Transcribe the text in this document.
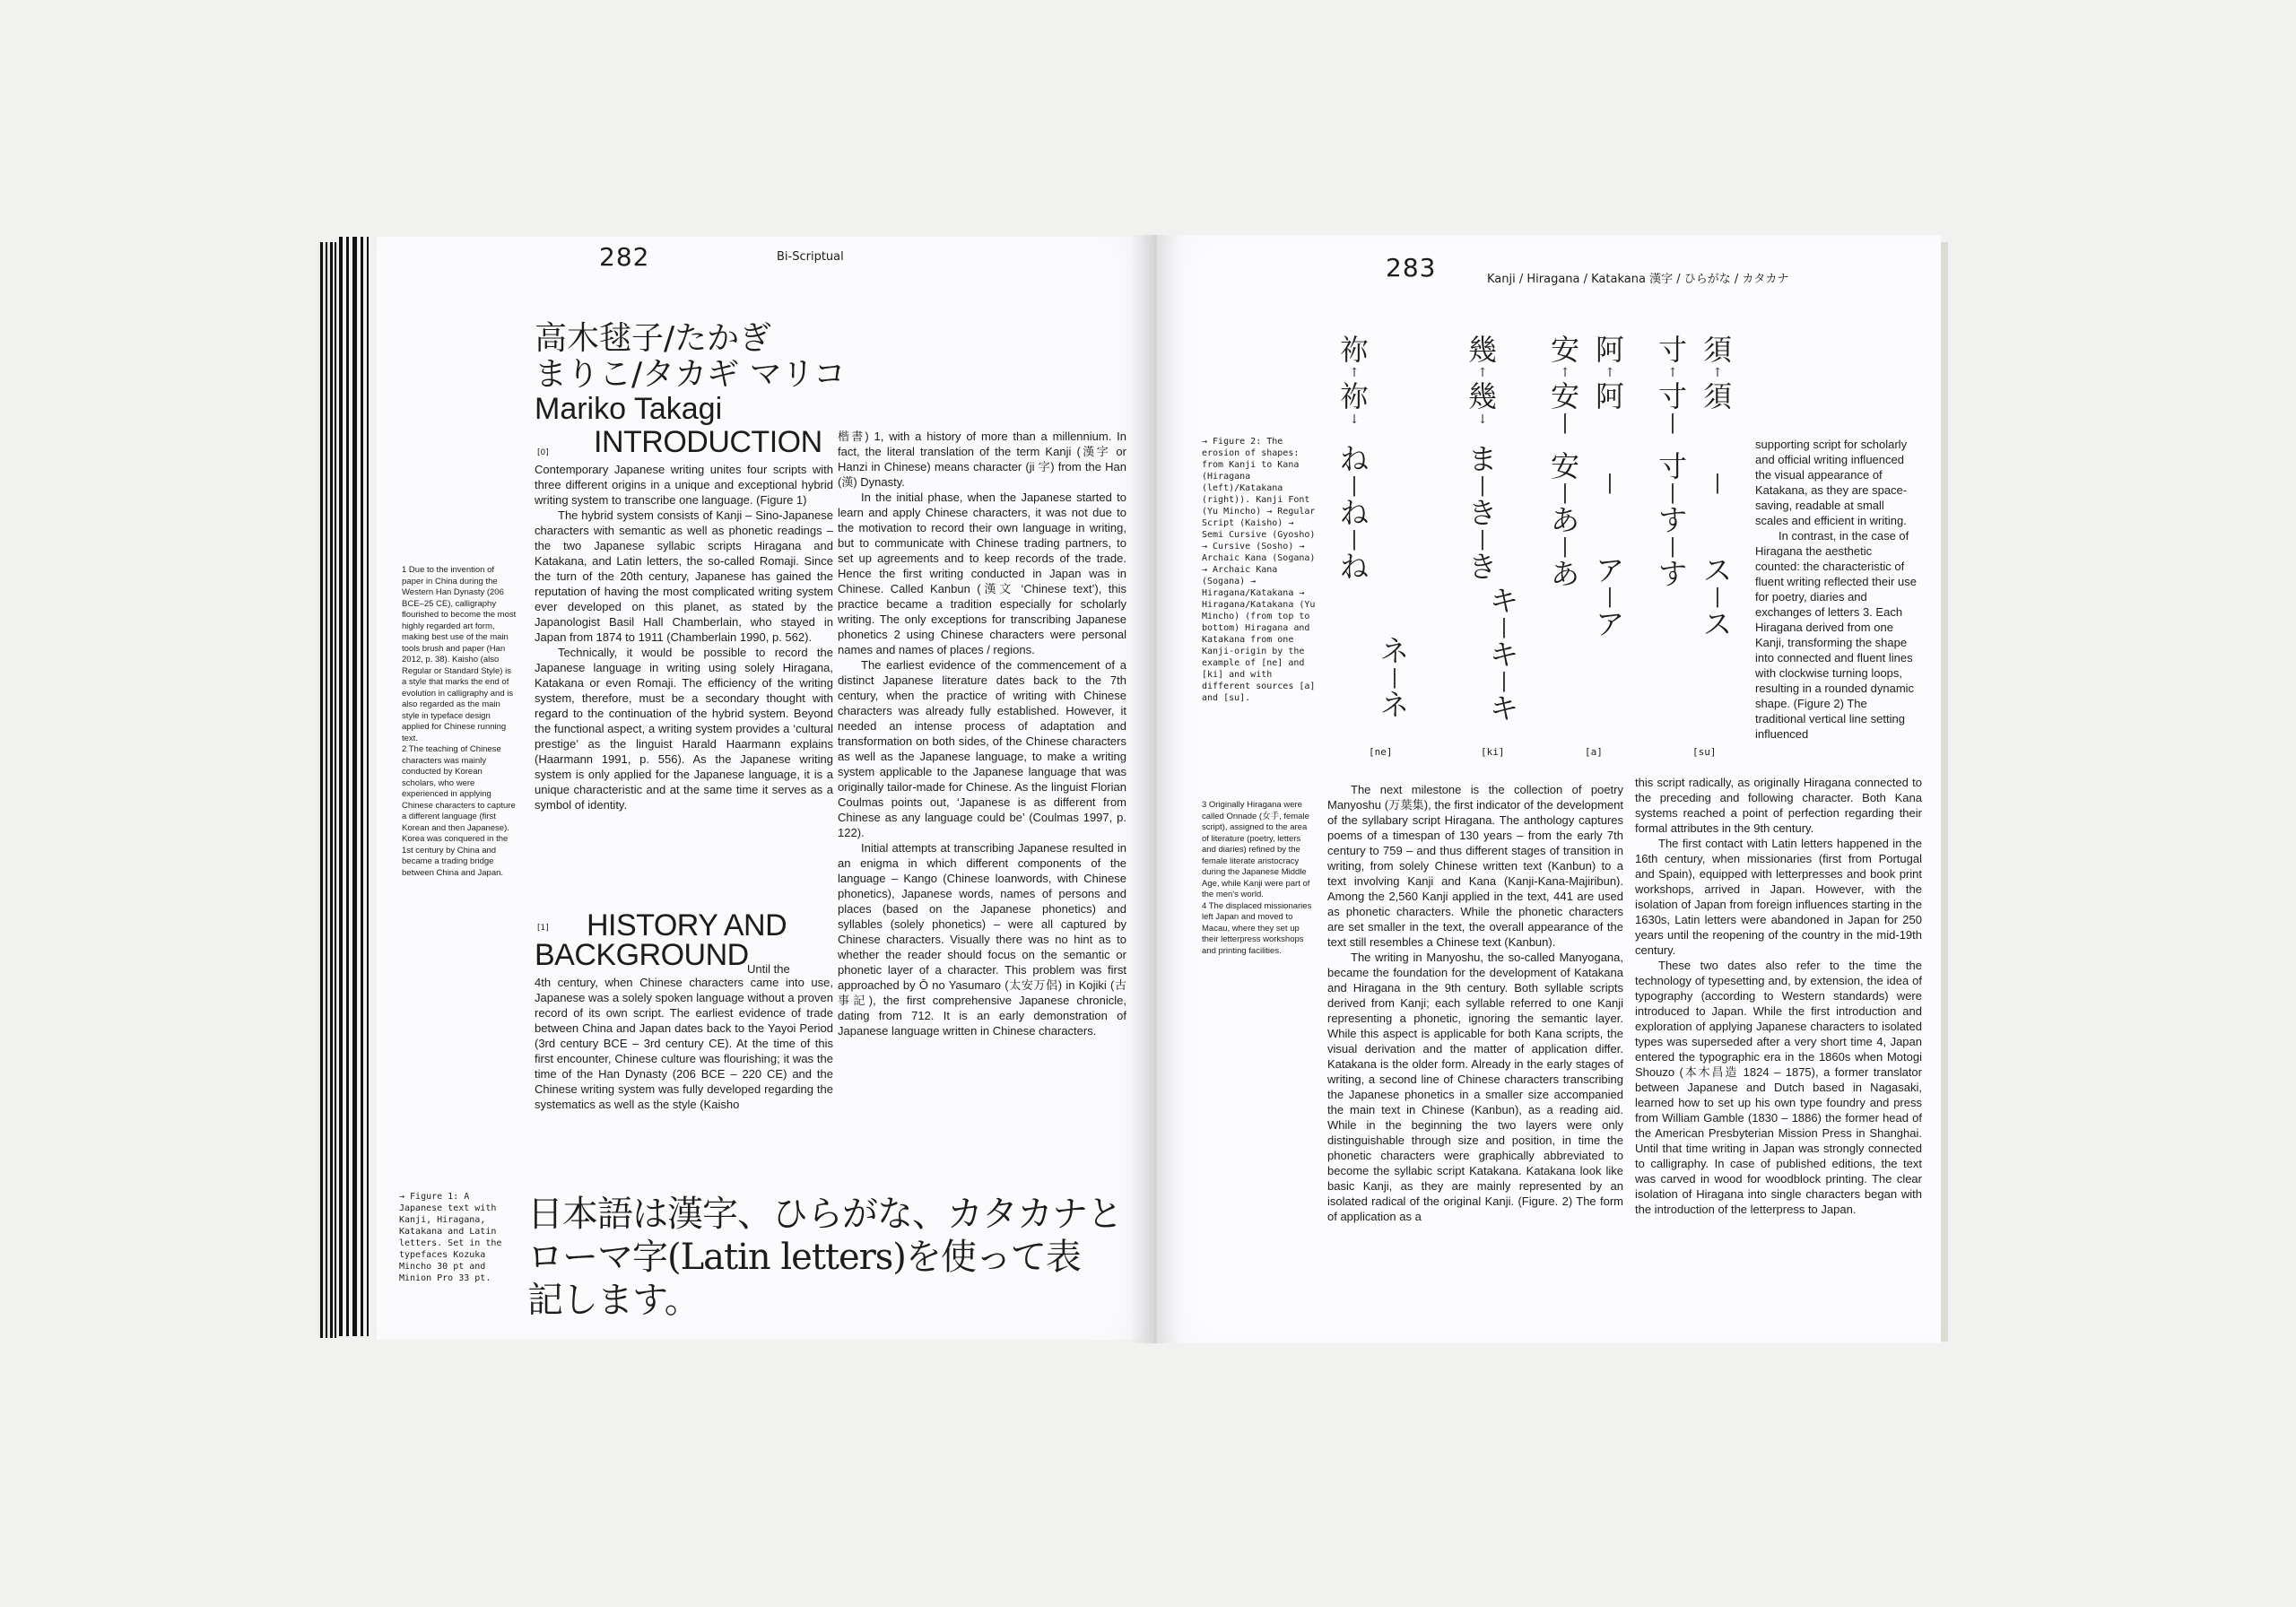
282	Bi-Scriptual
高木毬子/たかぎ
まりこ/タカギ マリコ
Mariko Takagi
INTRODUCTION
[0]

Contemporary Japanese writing unites four scripts with three different origins in a unique and exceptional hybrid writing system to transcribe one language. (Figure 1)

The hybrid system consists of Kanji – Sino-Japanese characters with semantic as well as phonetic readings – the two Japanese syllabic scripts Hiragana and Katakana, and Latin letters, the so-called Romaji. Since the turn of the 20th century, Japanese has gained the reputation of having the most complicated writing system ever developed on this planet, as stated by the Japanologist Basil Hall Chamberlain, who stayed in Japan from 1874 to 1911 (Chamberlain 1990, p. 562).

Technically, it would be possible to record the Japanese language in writing using solely Hiragana, Katakana or even Romaji. The efficiency of the writing system, therefore, must be a secondary thought with regard to the continuation of the hybrid system. Beyond the functional aspect, a writing system provides a ‘cultural prestige’ as the linguist Harald Haarmann explains (Haarmann 1991, p. 556). As the Japanese writing system is only applied for the Japanese language, it is a unique characteristic and at the same time it serves as a symbol of identity.

[1] HISTORY AND
BACKGROUND
Until the

4th century, when Chinese characters came into use, Japanese was a solely spoken language without a proven record of its own script. The earliest evidence of trade between China and Japan dates back to the Yayoi Period (3rd century BCE – 3rd century CE). At the time of this first encounter, Chinese culture was flourishing; it was the time of the Han Dynasty (206 BCE – 220 CE) and the Chinese writing system was fully developed regarding the systematics as well as the style (Kaisho

楷書) 1, with a history of more than a millennium. In fact, the literal translation of the term Kanji (漢字 or Hanzi in Chinese) means character (ji 字) from the Han (漢) Dynasty.

In the initial phase, when the Japanese started to learn and apply Chinese characters, it was not due to the motivation to record their own language in writing, but to communicate with Chinese trading partners, to set up agreements and to keep records of the trade. Hence the first writing conducted in Japan was in Chinese. Called Kanbun (漢文 ‘Chinese text’), this practice became a tradition especially for scholarly writing. The only exceptions for transcribing Japanese phonetics 2 using Chinese characters were personal names and names of places / regions.

The earliest evidence of the commencement of a distinct Japanese literature dates back to the 7th century, when the practice of writing with Chinese characters was already fully established. However, it needed an intense process of adaptation and transformation on both sides, of the Chinese characters as well as the Japanese language, to make a writing system applicable to the Japanese language that was originally tailor-made for Chinese. As the linguist Florian Coulmas points out, ‘Japanese is as different from Chinese as any language could be’ (Coulmas 1997, p. 122).

Initial attempts at transcribing Japanese resulted in an enigma in which different components of the language – Kango (Chinese loanwords, with Chinese phonetics), Japanese words, names of persons and places (based on the Japanese phonetics) and syllables (solely phonetics) – were all captured by Chinese characters. Visually there was no hint as to whether the reader should focus on the semantic or phonetic layer of a character. This problem was first approached by Ō no Yasumaro (太安万侶) in Kojiki (古事記), the first comprehensive Japanese chronicle, dating from 712. It is an early demonstration of Japanese language written in Chinese characters.

1 Due to the invention of paper in China during the Western Han Dynasty (206 BCE–25 CE), calligraphy flourished to become the most highly regarded art form, making best use of the main tools brush and paper (Han 2012, p. 38). Kaisho (also Regular or Standard Style) is a style that marks the end of evolution in calligraphy and is also regarded as the main style in typeface design applied for Chinese running text.
2 The teaching of Chinese characters was mainly conducted by Korean scholars, who were experienced in applying Chinese characters to capture a different language (first Korean and then Japanese). Korea was conquered in the 1st century by China and became a trading bridge between China and Japan.
→ Figure 1: A Japanese text with Kanji, Hiragana, Katakana and Latin letters. Set in the typefaces Kozuka Mincho 30 pt and Minion Pro 33 pt.
日本語は漢字、ひらがな、カタカナと
ローマ字(Latin letters)を使って表
記します。
283	Kanji / Hiragana / Katakana 漢字 / ひらがな / カタカナ
→ Figure 2: The erosion of shapes: from Kanji to Kana (Hiragana (left)/Katakana (right)). Kanji Font (Yu Mincho) → Regular Script (Kaisho) → Semi Cursive (Gyosho) → Cursive (Sosho) → Archaic Kana (Sogana) → Archaic Kana (Sogana) → Hiragana/Katakana → Hiragana/Katakana (Yu Mincho) (from top to bottom) Hiragana and Katakana from one Kanji-origin by the example of [ne] and [ki] and with different sources [a] and [su].
祢
↑
祢
↓
ね
|
ね
|
ね
ネ
|
ネ
[ne]
幾
↑
幾
↓
ま
|
き
|
き
キ
|
キ
|
キ
[ki]
安
↑
安
|
安
|
あ
|
あ
阿
↑
阿
|
ア
|
ア
[a]
寸
↑
寸
|
寸
|
す
|
す
須
↑
須
|
ス
|
ス
[su]

supporting script for scholarly and official writing influenced the visual appearance of Katakana, as they are space-saving, readable at small scales and efficient in writing.

In contrast, in the case of Hiragana the aesthetic counted: the characteristic of fluent writing reflected their use for poetry, diaries and exchanges of letters 3. Each Hiragana derived from one Kanji, transforming the shape into connected and fluent lines with clockwise turning loops, resulting in a rounded dynamic shape. (Figure 2) The traditional vertical line setting influenced

The next milestone is the collection of poetry Manyoshu (万葉集), the first indicator of the development of the syllabary script Hiragana. The anthology captures poems of a timespan of 130 years – from the early 7th century to 759 – and thus different stages of transition in writing, from solely Chinese written text (Kanbun) to a text involving Kanji and Kana (Kanji-Kana-Majiribun). Among the 2,560 Kanji applied in the text, 441 are used as phonetic characters. While the phonetic characters are set smaller in the text, the overall appearance of the text still resembles a Chinese text (Kanbun).

The writing in Manyoshu, the so-called Manyogana, became the foundation for the development of Katakana and Hiragana in the 9th century. Both syllable scripts derived from Kanji; each syllable referred to one Kanji representing a phonetic, ignoring the semantic layer. While this aspect is applicable for both Kana scripts, the visual derivation and the matter of application differ. Katakana is the older form. Already in the early stages of writing, a second line of Chinese characters transcribing the Japanese phonetics in a smaller size accompanied the main text in Chinese (Kanbun), as a reading aid. While in the beginning the two layers were only distinguishable through size and position, in time the phonetic characters were graphically abbreviated to become the syllabic script Katakana. Katakana look like basic Kanji, as they are mainly represented by an isolated radical of the original Kanji. (Figure. 2) The form of application as a

this script radically, as originally Hiragana connected to the preceding and following character. Both Kana systems reached a point of perfection regarding their formal attributes in the 9th century.

The first contact with Latin letters happened in the 16th century, when missionaries (first from Portugal and Spain), equipped with letterpresses and book print workshops, arrived in Japan. However, with the isolation of Japan from foreign influences starting in the 1630s, Latin letters were abandoned in Japan for 250 years until the reopening of the country in the mid-19th century.

These two dates also refer to the time the technology of typesetting and, by extension, the idea of typography (according to Western standards) were introduced to Japan. While the first introduction and exploration of applying Japanese characters to isolated types was superseded after a very short time 4, Japan entered the typographic era in the 1860s when Motogi Shouzo (本木昌造 1824 – 1875), a former translator between Japanese and Dutch based in Nagasaki, learned how to set up his own type foundry and press from William Gamble (1830 – 1886) the former head of the American Presbyterian Mission Press in Shanghai. Until that time writing in Japan was strongly connected to calligraphy. In case of published editions, the text was carved in wood for woodblock printing. The clear isolation of Hiragana into single characters began with the introduction of the letterpress to Japan.

3 Originally Hiragana were called Onnade (女手, female script), assigned to the area of literature (poetry, letters and diaries) refined by the female literate aristocracy during the Japanese Middle Age, while Kanji were part of the men's world.
4 The displaced missionaries left Japan and moved to Macau, where they set up their letterpress workshops and printing facilities.
